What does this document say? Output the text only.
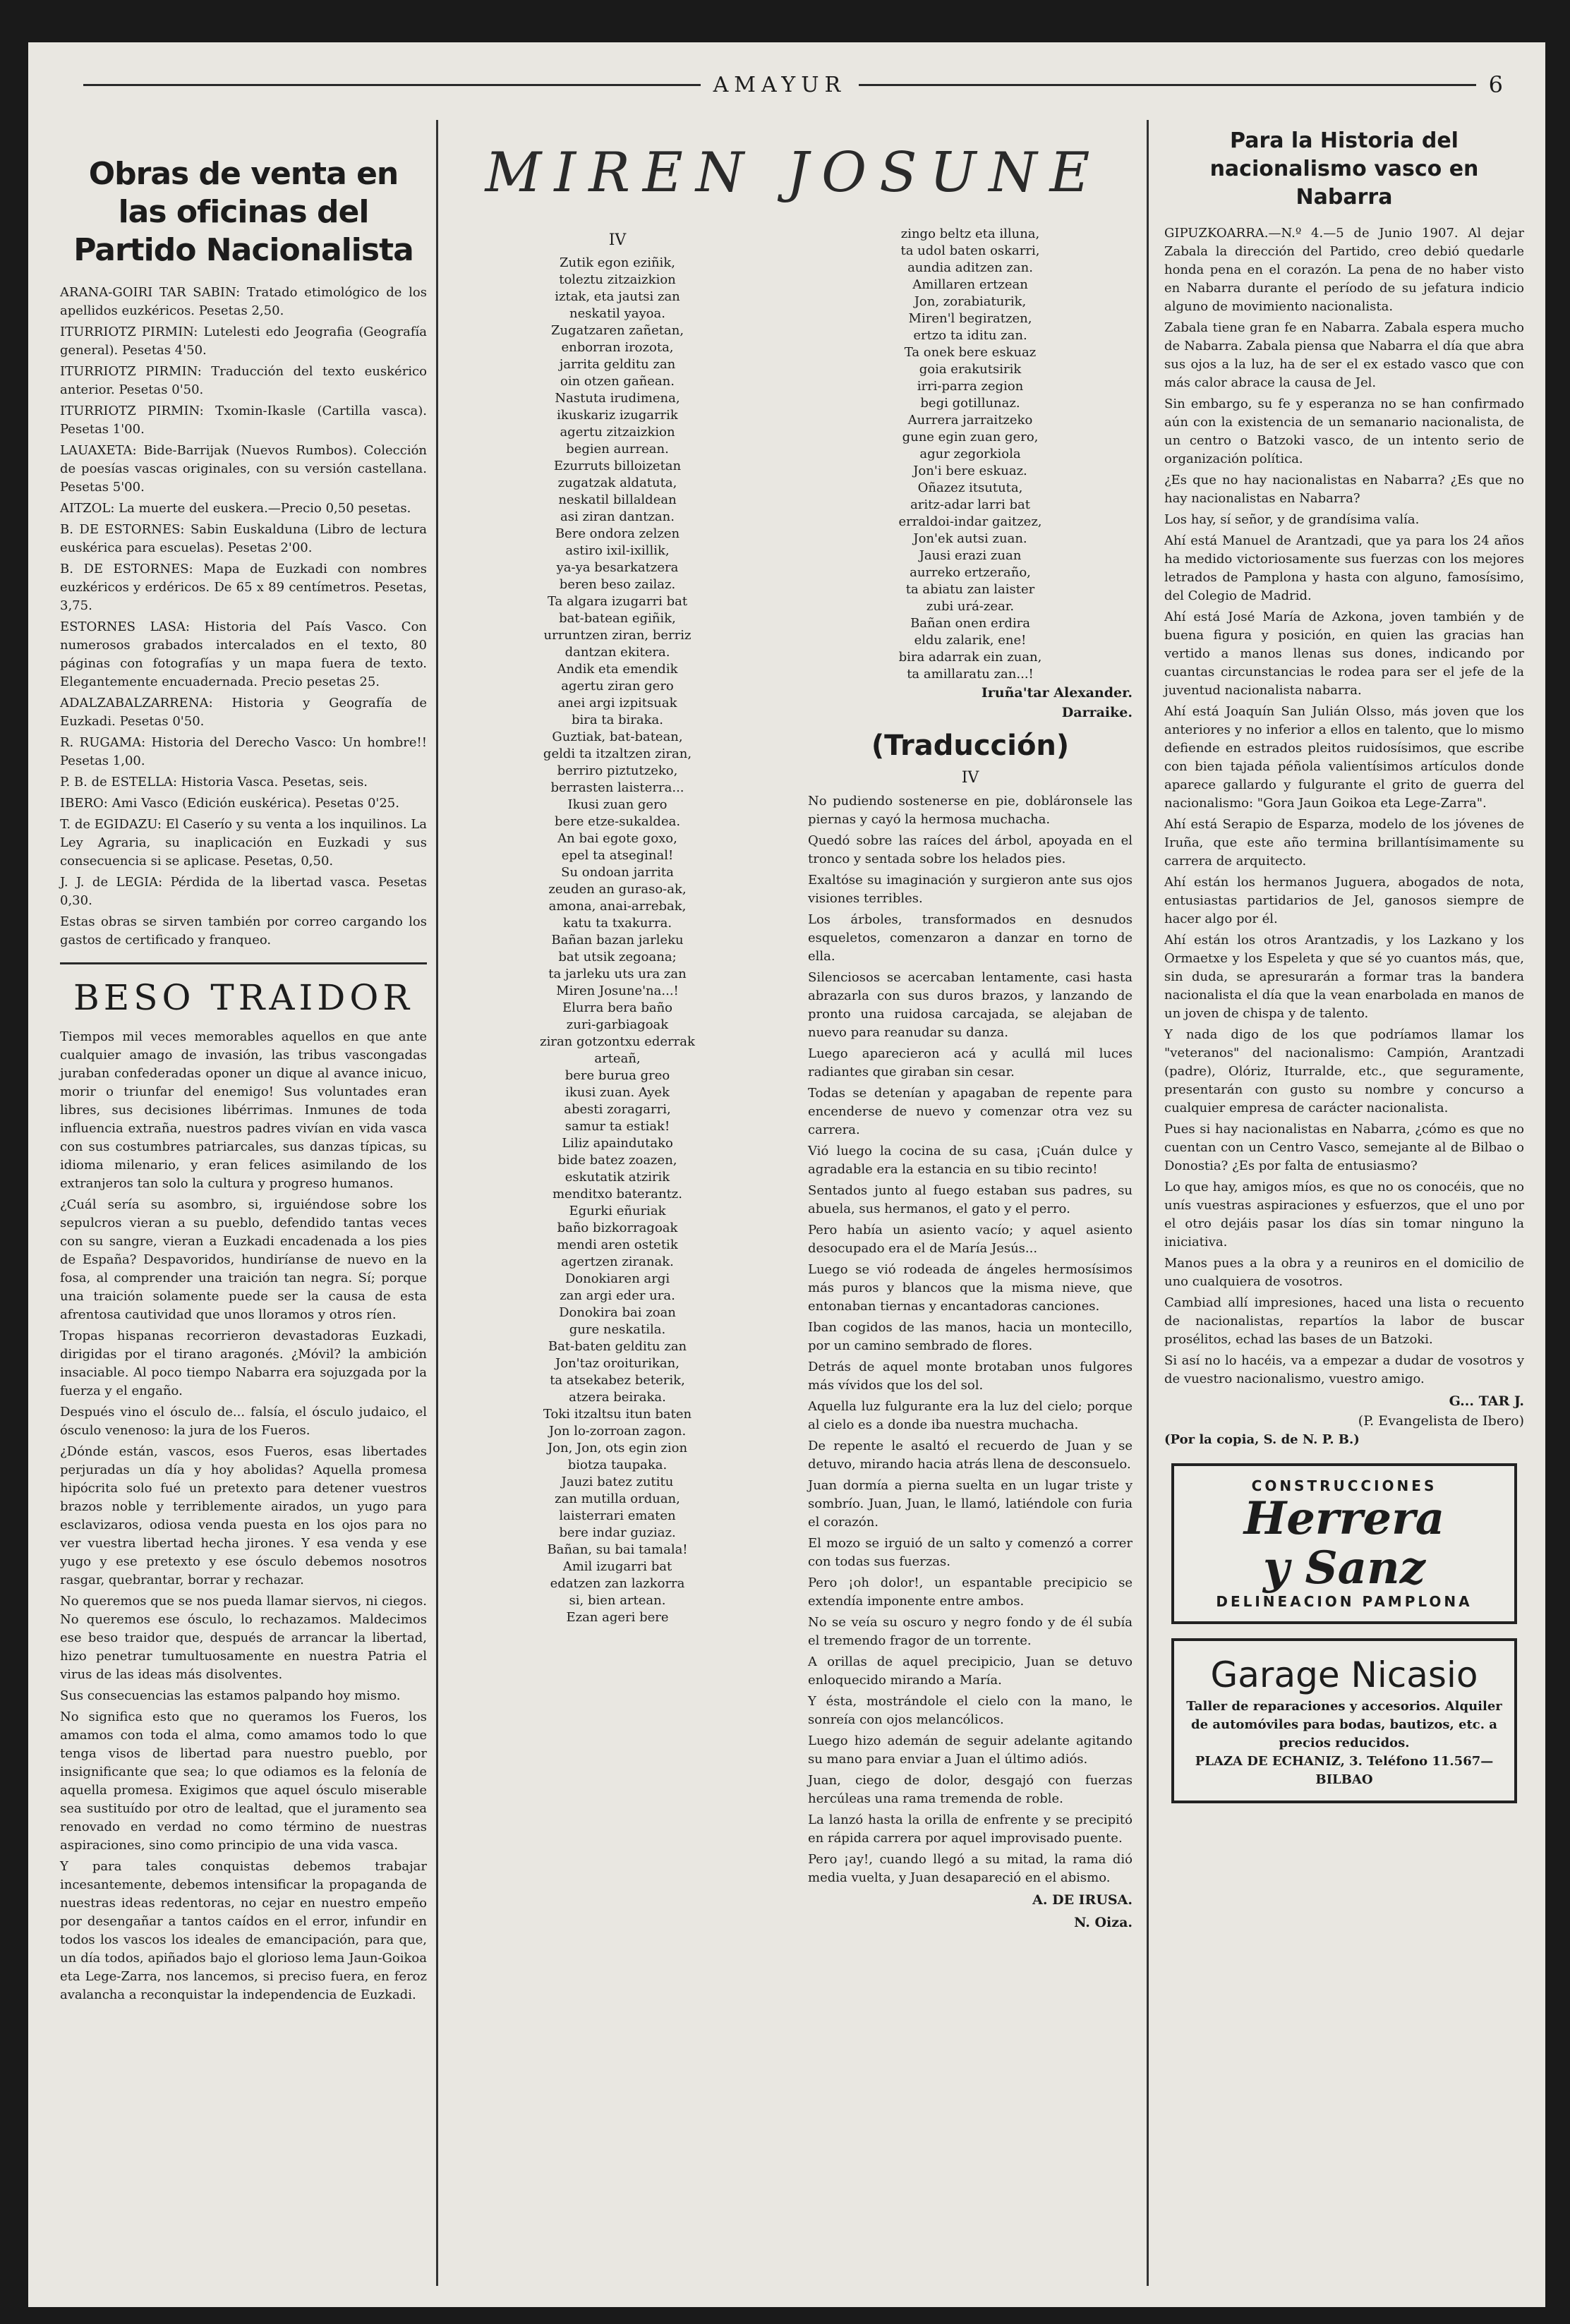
AMAYUR	6
Obras de venta en las oficinas del Partido Nacionalista

ARANA-GOIRI TAR SABIN: Tratado etimológico de los apellidos euzkéricos. Pesetas 2,50.

ITURRIOTZ PIRMIN: Lutelesti edo Jeografia (Geografía general). Pesetas 4'50.

ITURRIOTZ PIRMIN: Traducción del texto euskérico anterior. Pesetas 0'50.

ITURRIOTZ PIRMIN: Txomin-Ikasle (Cartilla vasca). Pesetas 1'00.

LAUAXETA: Bide-Barrijak (Nuevos Rumbos). Colección de poesías vascas originales, con su versión castellana. Pesetas 5'00.

AITZOL: La muerte del euskera.—Precio 0,50 pesetas.

B. DE ESTORNES: Sabin Euskalduna (Libro de lectura euskérica para escuelas). Pesetas 2'00.

B. DE ESTORNES: Mapa de Euzkadi con nombres euzkéricos y erdéricos. De 65 x 89 centímetros. Pesetas, 3,75.

ESTORNES LASA: Historia del País Vasco. Con numerosos grabados intercalados en el texto, 80 páginas con fotografías y un mapa fuera de texto. Elegantemente encuadernada. Precio pesetas 25.

ADALZABALZARRENA: Historia y Geografía de Euzkadi. Pesetas 0'50.

R. RUGAMA: Historia del Derecho Vasco: Un hombre!! Pesetas 1,00.

P. B. de ESTELLA: Historia Vasca. Pesetas, seis.

IBERO: Ami Vasco (Edición euskérica). Pesetas 0'25.

T. de EGIDAZU: El Caserío y su venta a los inquilinos. La Ley Agraria, su inaplicación en Euzkadi y sus consecuencia si se aplicase. Pesetas, 0,50.

J. J. de LEGIA: Pérdida de la libertad vasca. Pesetas 0,30.

Estas obras se sirven también por correo cargando los gastos de certificado y franqueo.

BESO TRAIDOR

Tiempos mil veces memorables aquellos en que ante cualquier amago de invasión, las tribus vascongadas juraban confederadas oponer un dique al avance inicuo, morir o triunfar del enemigo! Sus voluntades eran libres, sus decisiones libérrimas. Inmunes de toda influencia extraña, nuestros padres vivían en vida vasca con sus costumbres patriarcales, sus danzas típicas, su idioma milenario, y eran felices asimilando de los extranjeros tan solo la cultura y progreso humanos.

¿Cuál sería su asombro, si, irguiéndose sobre los sepulcros vieran a su pueblo, defendido tantas veces con su sangre, vieran a Euzkadi encadenada a los pies de España? Despavoridos, hundiríanse de nuevo en la fosa, al comprender una traición tan negra. Sí; porque una traición solamente puede ser la causa de esta afrentosa cautividad que unos lloramos y otros ríen.

Tropas hispanas recorrieron devastadoras Euzkadi, dirigidas por el tirano aragonés. ¿Móvil? la ambición insaciable. Al poco tiempo Nabarra era sojuzgada por la fuerza y el engaño.

Después vino el ósculo de... falsía, el ósculo judaico, el ósculo venenoso: la jura de los Fueros.

¿Dónde están, vascos, esos Fueros, esas libertades perjuradas un día y hoy abolidas? Aquella promesa hipócrita solo fué un pretexto para detener vuestros brazos noble y terriblemente airados, un yugo para esclavizaros, odiosa venda puesta en los ojos para no ver vuestra libertad hecha jirones. Y esa venda y ese yugo y ese pretexto y ese ósculo debemos nosotros rasgar, quebrantar, borrar y rechazar.

No queremos que se nos pueda llamar siervos, ni ciegos. No queremos ese ósculo, lo rechazamos. Maldecimos ese beso traidor que, después de arrancar la libertad, hizo penetrar tumultuosamente en nuestra Patria el virus de las ideas más disolventes.

Sus consecuencias las estamos palpando hoy mismo.

No significa esto que no queramos los Fueros, los amamos con toda el alma, como amamos todo lo que tenga visos de libertad para nuestro pueblo, por insignificante que sea; lo que odiamos es la felonía de aquella promesa. Exigimos que aquel ósculo miserable sea sustituído por otro de lealtad, que el juramento sea renovado en verdad no como término de nuestras aspiraciones, sino como principio de una vida vasca.

Y para tales conquistas debemos trabajar incesantemente, debemos intensificar la propaganda de nuestras ideas redentoras, no cejar en nuestro empeño por desengañar a tantos caídos en el error, infundir en todos los vascos los ideales de emancipación, para que, un día todos, apiñados bajo el glorioso lema Jaun-Goikoa eta Lege-Zarra, nos lancemos, si preciso fuera, en feroz avalancha a reconquistar la independencia de Euzkadi.

MIREN JOSUNE
IV
Zutik egon eziñik,
toleztu zitzaizkion
iztak, eta jautsi zan
neskatil yayoa.
Zugatzaren zañetan,
enborran irozota,
jarrita gelditu zan
oin otzen gañean.
Nastuta irudimena,
ikuskariz izugarrik
agertu zitzaizkion
begien aurrean.
Ezurruts billoizetan
zugatzak aldatuta,
neskatil billaldean
asi ziran dantzan.
Bere ondora zelzen
astiro ixil-ixillik,
ya-ya besarkatzera
beren beso zailaz.
Ta algara izugarri bat
bat-batean egiñik,
urruntzen ziran, berriz
dantzan ekitera.
Andik eta emendik
agertu ziran gero
anei argi izpitsuak
bira ta biraka.
Guztiak, bat-batean,
geldi ta itzaltzen ziran,
berriro piztutzeko,
berrasten laisterra...
Ikusi zuan gero
bere etze-sukaldea.
An bai egote goxo,
epel ta atseginal!
Su ondoan jarrita
zeuden an guraso-ak,
amona, anai-arrebak,
katu ta txakurra.
Bañan bazan jarleku
bat utsik zegoana;
ta jarleku uts ura zan
Miren Josune'na...!
Elurra bera baño
zuri-garbiagoak
ziran gotzontxu ederrak
arteañ,
bere burua greo
ikusi zuan. Ayek
abesti zoragarri,
samur ta estiak!
Liliz apaindutako
bide batez zoazen,
eskutatik atzirik
menditxo baterantz.
Egurki eñuriak
baño bizkorragoak
mendi aren ostetik
agertzen ziranak.
Donokiaren argi
zan argi eder ura.
Donokira bai zoan
gure neskatila.
Bat-baten gelditu zan
Jon'taz oroiturikan,
ta atsekabez beterik,
atzera beiraka.
Toki itzaltsu itun baten
Jon lo-zorroan zagon.
Jon, Jon, ots egin zion
biotza taupaka.
Jauzi batez zutitu
zan mutilla orduan,
laisterrari ematen
bere indar guziaz.
Bañan, su bai tamala!
Amil izugarri bat
edatzen zan lazkorra
si, bien artean.
Ezan ageri bere
zingo beltz eta illuna,
ta udol baten oskarri,
aundia aditzen zan.
Amillaren ertzean
Jon, zorabiaturik,
Miren'l begiratzen,
ertzo ta iditu zan.
Ta onek bere eskuaz
goia erakutsirik
irri-parra zegion
begi gotillunaz.
Aurrera jarraitzeko
gune egin zuan gero,
agur zegorkiola
Jon'i bere eskuaz.
Oñazez itsututa,
aritz-adar larri bat
erraldoi-indar gaitzez,
Jon'ek autsi zuan.
Jausi erazi zuan
aurreko ertzeraño,
ta abiatu zan laister
zubi urá-zear.
Bañan onen erdira
eldu zalarik, ene!
bira adarrak ein zuan,
ta amillaratu zan...!
Iruña'tar Alexander.
Darraike.
(Traducción)
IV

No pudiendo sostenerse en pie, dobláronsele las piernas y cayó la hermosa muchacha.

Quedó sobre las raíces del árbol, apoyada en el tronco y sentada sobre los helados pies.

Exaltóse su imaginación y surgieron ante sus ojos visiones terribles.

Los árboles, transformados en desnudos esqueletos, comenzaron a danzar en torno de ella.

Silenciosos se acercaban lentamente, casi hasta abrazarla con sus duros brazos, y lanzando de pronto una ruidosa carcajada, se alejaban de nuevo para reanudar su danza.

Luego aparecieron acá y acullá mil luces radiantes que giraban sin cesar.

Todas se detenían y apagaban de repente para encenderse de nuevo y comenzar otra vez su carrera.

Vió luego la cocina de su casa, ¡Cuán dulce y agradable era la estancia en su tibio recinto!

Sentados junto al fuego estaban sus padres, su abuela, sus hermanos, el gato y el perro.

Pero había un asiento vacío; y aquel asiento desocupado era el de María Jesús...

Luego se vió rodeada de ángeles hermosísimos más puros y blancos que la misma nieve, que entonaban tiernas y encantadoras canciones.

Iban cogidos de las manos, hacia un montecillo, por un camino sembrado de flores.

Detrás de aquel monte brotaban unos fulgores más vívidos que los del sol.

Aquella luz fulgurante era la luz del cielo; porque al cielo es a donde iba nuestra muchacha.

De repente le asaltó el recuerdo de Juan y se detuvo, mirando hacia atrás llena de desconsuelo.

Juan dormía a pierna suelta en un lugar triste y sombrío. Juan, Juan, le llamó, latiéndole con furia el corazón.

El mozo se irguió de un salto y comenzó a correr con todas sus fuerzas.

Pero ¡oh dolor!, un espantable precipicio se extendía imponente entre ambos.

No se veía su oscuro y negro fondo y de él subía el tremendo fragor de un torrente.

A orillas de aquel precipicio, Juan se detuvo enloquecido mirando a María.

Y ésta, mostrándole el cielo con la mano, le sonreía con ojos melancólicos.

Luego hizo ademán de seguir adelante agitando su mano para enviar a Juan el último adiós.

Juan, ciego de dolor, desgajó con fuerzas hercúleas una rama tremenda de roble.

La lanzó hasta la orilla de enfrente y se precipitó en rápida carrera por aquel improvisado puente.

Pero ¡ay!, cuando llegó a su mitad, la rama dió media vuelta, y Juan desapareció en el abismo.

A. DE IRUSA.
N. Oiza.
Para la Historia del nacionalismo vasco en Nabarra

GIPUZKOARRA.—N.º 4.—5 de Junio 1907. Al dejar Zabala la dirección del Partido, creo debió quedarle honda pena en el corazón. La pena de no haber visto en Nabarra durante el período de su jefatura indicio alguno de movimiento nacionalista.

Zabala tiene gran fe en Nabarra. Zabala espera mucho de Nabarra. Zabala piensa que Nabarra el día que abra sus ojos a la luz, ha de ser el ex estado vasco que con más calor abrace la causa de Jel.

Sin embargo, su fe y esperanza no se han confirmado aún con la existencia de un semanario nacionalista, de un centro o Batzoki vasco, de un intento serio de organización política.

¿Es que no hay nacionalistas en Nabarra? ¿Es que no hay nacionalistas en Nabarra?

Los hay, sí señor, y de grandísima valía.

Ahí está Manuel de Arantzadi, que ya para los 24 años ha medido victoriosamente sus fuerzas con los mejores letrados de Pamplona y hasta con alguno, famosísimo, del Colegio de Madrid.

Ahí está José María de Azkona, joven también y de buena figura y posición, en quien las gracias han vertido a manos llenas sus dones, indicando por cuantas circunstancias le rodea para ser el jefe de la juventud nacionalista nabarra.

Ahí está Joaquín San Julián Olsso, más joven que los anteriores y no inferior a ellos en talento, que lo mismo defiende en estrados pleitos ruidosísimos, que escribe con bien tajada péñola valientísimos artículos donde aparece gallardo y fulgurante el grito de guerra del nacionalismo: "Gora Jaun Goikoa eta Lege-Zarra".

Ahí está Serapio de Esparza, modelo de los jóvenes de Iruña, que este año termina brillantísimamente su carrera de arquitecto.

Ahí están los hermanos Juguera, abogados de nota, entusiastas partidarios de Jel, ganosos siempre de hacer algo por él.

Ahí están los otros Arantzadis, y los Lazkano y los Ormaetxe y los Espeleta y que sé yo cuantos más, que, sin duda, se apresurarán a formar tras la bandera nacionalista el día que la vean enarbolada en manos de un joven de chispa y de talento.

Y nada digo de los que podríamos llamar los "veteranos" del nacionalismo: Campión, Arantzadi (padre), Olóriz, Iturralde, etc., que seguramente, presentarán con gusto su nombre y concurso a cualquier empresa de carácter nacionalista.

Pues si hay nacionalistas en Nabarra, ¿cómo es que no cuentan con un Centro Vasco, semejante al de Bilbao o Donostia? ¿Es por falta de entusiasmo?

Lo que hay, amigos míos, es que no os conocéis, que no unís vuestras aspiraciones y esfuerzos, que el uno por el otro dejáis pasar los días sin tomar ninguno la iniciativa.

Manos pues a la obra y a reuniros en el domicilio de uno cualquiera de vosotros.

Cambiad allí impresiones, haced una lista o recuento de nacionalistas, repartíos la labor de buscar prosélitos, echad las bases de un Batzoki.

Si así no lo hacéis, va a empezar a dudar de vosotros y de vuestro nacionalismo, vuestro amigo.

G... TAR J.
(P. Evangelista de Ibero)
(Por la copia, S. de N. P. B.)
CONSTRUCCIONES
Herrera
y Sanz
DELINEACION PAMPLONA
Garage Nicasio
Taller de reparaciones y accesorios. Alquiler de automóviles para bodas, bautizos, etc. a precios reducidos.
PLAZA DE ECHANIZ, 3. Teléfono 11.567—BILBAO
